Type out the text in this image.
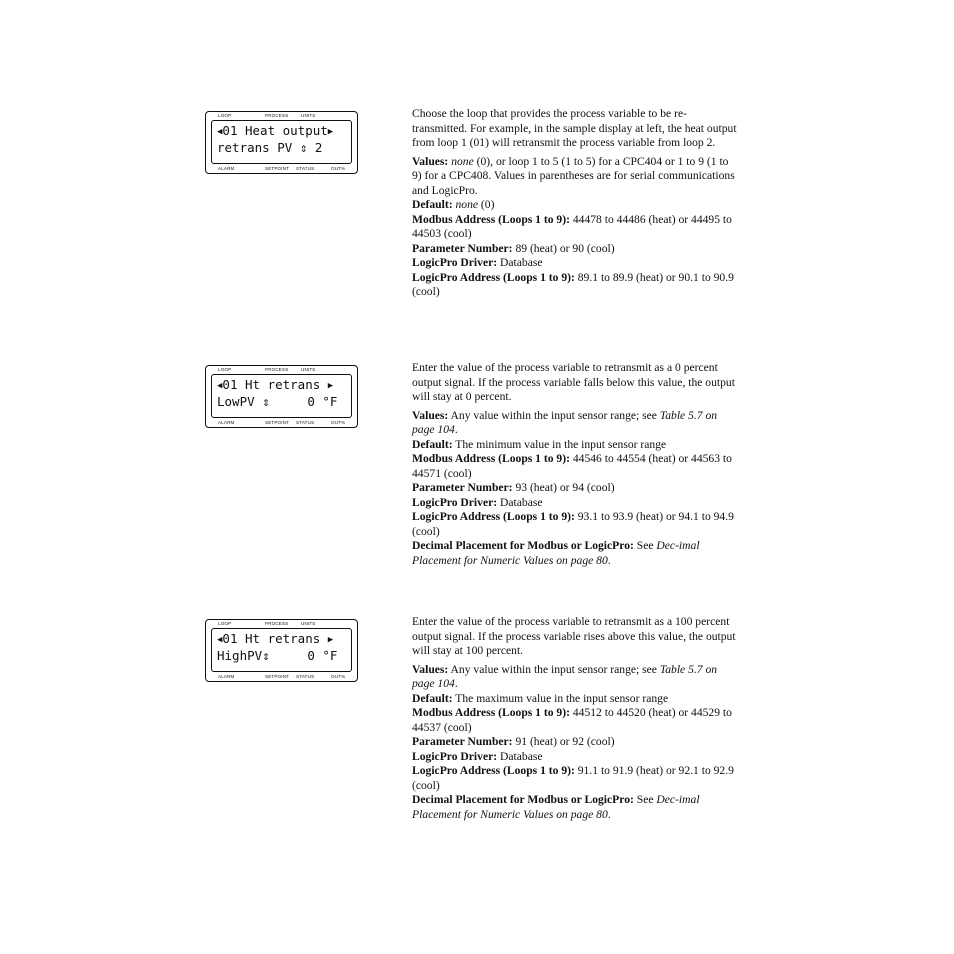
LOOP	PROCESS	UNITS
◀01 Heat output▶
retrans PV ⇕ 2
ALARM	SETPOINT STATUS	OUT%

Choose the loop that provides the process variable to be re-transmitted. For example, in the sample display at left, the heat output from loop 1 (01) will retransmit the process variable from loop 2.

Values: none (0), or loop 1 to 5 (1 to 5) for a CPC404 or 1 to 9 (1 to 9) for a CPC408. Values in parentheses are for serial communications and LogicPro.

Default: none (0)

Modbus Address (Loops 1 to 9): 44478 to 44486 (heat) or 44495 to 44503 (cool)

Parameter Number: 89 (heat) or 90 (cool)

LogicPro Driver: Database

LogicPro Address (Loops 1 to 9): 89.1 to 89.9 (heat) or 90.1 to 90.9 (cool)

LOOP	PROCESS	UNITS
◀01 Ht retrans ▶
LowPV ⇕     0 °F
ALARM	SETPOINT STATUS	OUT%

Enter the value of the process variable to retransmit as a 0 percent output signal. If the process variable falls below this value, the output will stay at 0 percent.

Values: Any value within the input sensor range; see Table 5.7 on page 104.

Default: The minimum value in the input sensor range

Modbus Address (Loops 1 to 9): 44546 to 44554 (heat) or 44563 to 44571 (cool)

Parameter Number: 93 (heat) or 94 (cool)

LogicPro Driver: Database

LogicPro Address (Loops 1 to 9): 93.1 to 93.9 (heat) or 94.1 to 94.9 (cool)

Decimal Placement for Modbus or LogicPro: See Dec-imal Placement for Numeric Values on page 80.

LOOP	PROCESS	UNITS
◀01 Ht retrans ▶
HighPV⇕     0 °F
ALARM	SETPOINT STATUS	OUT%

Enter the value of the process variable to retransmit as a 100 percent output signal. If the process variable rises above this value, the output will stay at 100 percent.

Values: Any value within the input sensor range; see Table 5.7 on page 104.

Default: The maximum value in the input sensor range

Modbus Address (Loops 1 to 9): 44512 to 44520 (heat) or 44529 to 44537 (cool)

Parameter Number: 91 (heat) or 92 (cool)

LogicPro Driver: Database

LogicPro Address (Loops 1 to 9): 91.1 to 91.9 (heat) or 92.1 to 92.9 (cool)

Decimal Placement for Modbus or LogicPro: See Dec-imal Placement for Numeric Values on page 80.
